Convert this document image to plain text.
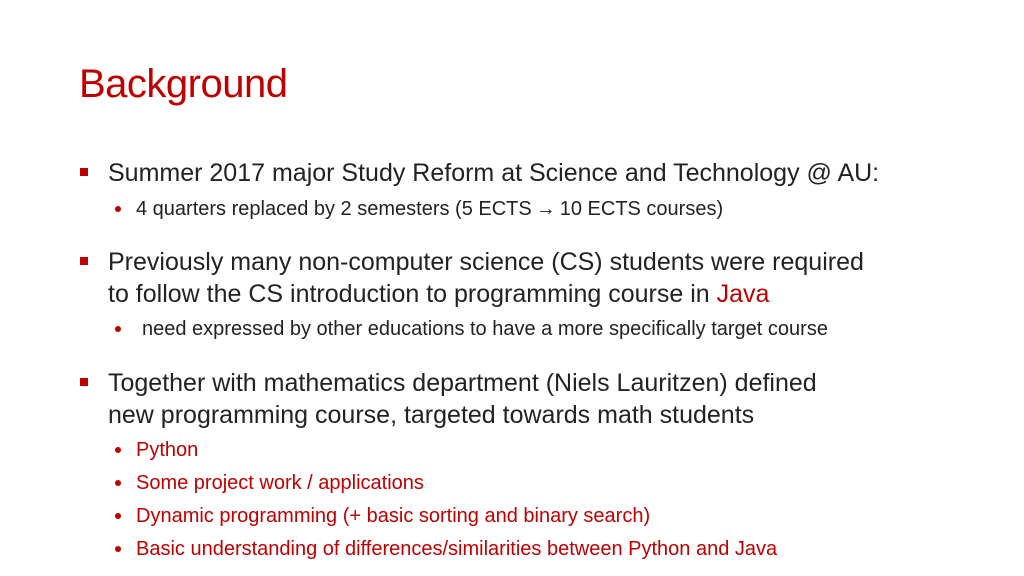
Background
Summer 2017 major Study Reform at Science and Technology @ AU:
4 quarters replaced by 2 semesters (5 ECTS → 10 ECTS courses)
Previously many non-computer science (CS) students were required
to follow the CS introduction to programming course in Java
need expressed by other educations to have a more specifically target course
Together with mathematics department (Niels Lauritzen) defined
new programming course, targeted towards math students
Python
Some project work / applications
Dynamic programming (+ basic sorting and binary search)
Basic understanding of differences/similarities between Python and Java
